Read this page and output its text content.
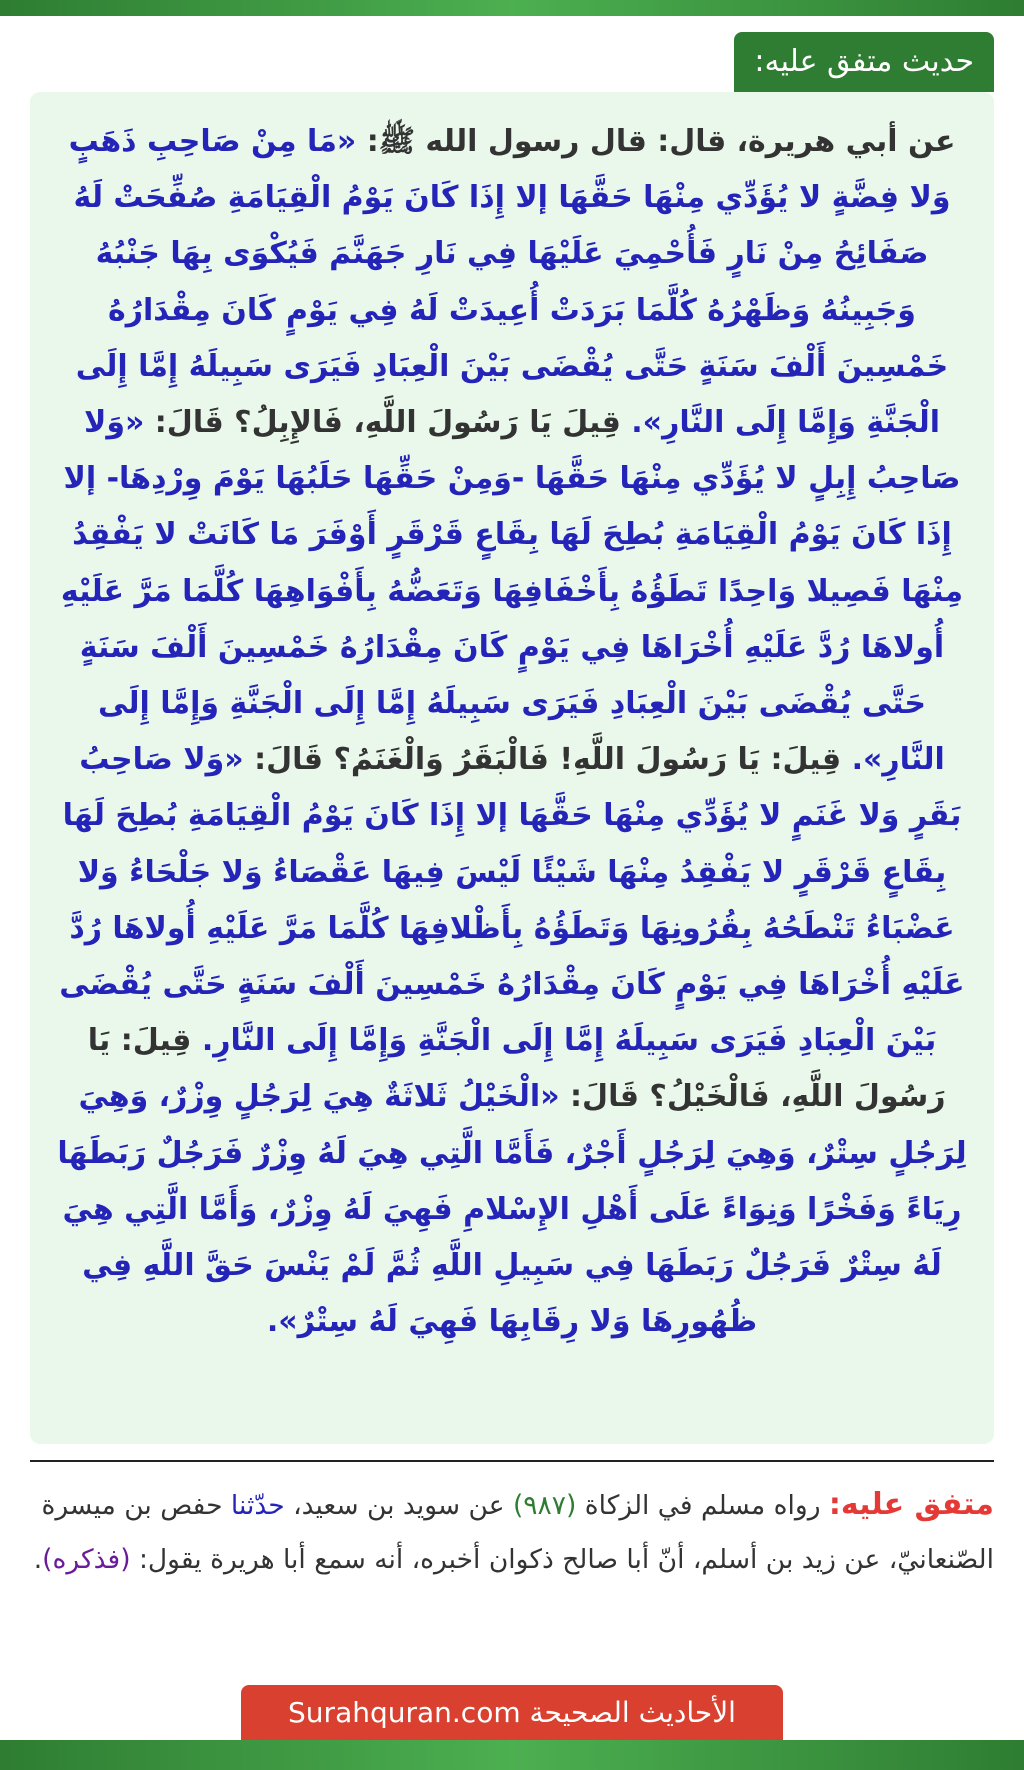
حديث متفق عليه:
عن أبي هريرة، قال: قال رسول الله ﷺ: «مَا مِنْ صَاحِبِ ذَهَبٍ وَلا فِضَّةٍ لا يُؤَدِّي مِنْهَا حَقَّهَا إلا إِذَا كَانَ يَوْمُ الْقِيَامَةِ صُفِّحَتْ لَهُ صَفَائِحُ مِنْ نَارٍ فَأُحْمِيَ عَلَيْهَا فِي نَارِ جَهَنَّمَ فَيُكْوَى بِهَا جَنْبُهُ وَجَبِينُهُ وَظَهْرُهُ كُلَّمَا بَرَدَتْ أُعِيدَتْ لَهُ فِي يَوْمٍ كَانَ مِقْدَارُهُ خَمْسِينَ أَلْفَ سَنَةٍ حَتَّى يُقْضَى بَيْنَ الْعِبَادِ فَيَرَى سَبِيلَهُ إِمَّا إِلَى الْجَنَّةِ وَإِمَّا إِلَى النَّارِ». قِيلَ يَا رَسُولَ اللَّهِ، فَالإِبِلُ؟ قَالَ: «وَلا صَاحِبُ إِبِلٍ لا يُؤَدِّي مِنْهَا حَقَّهَا -وَمِنْ حَقِّهَا حَلَبُهَا يَوْمَ وِرْدِهَا- إلا إِذَا كَانَ يَوْمُ الْقِيَامَةِ بُطِحَ لَهَا بِقَاعٍ قَرْقَرٍ أَوْفَرَ مَا كَانَتْ لا يَفْقِدُ مِنْهَا فَصِيلا وَاحِدًا تَطَؤُهُ بِأَخْفَافِهَا وَتَعَضُّهُ بِأَفْوَاهِهَا كُلَّمَا مَرَّ عَلَيْهِ أُولاهَا رُدَّ عَلَيْهِ أُخْرَاهَا فِي يَوْمٍ كَانَ مِقْدَارُهُ خَمْسِينَ أَلْفَ سَنَةٍ حَتَّى يُقْضَى بَيْنَ الْعِبَادِ فَيَرَى سَبِيلَهُ إِمَّا إِلَى الْجَنَّةِ وَإِمَّا إِلَى النَّارِ». قِيلَ: يَا رَسُولَ اللَّهِ! فَالْبَقَرُ وَالْغَنَمُ؟ قَالَ: «وَلا صَاحِبُ بَقَرٍ وَلا غَنَمٍ لا يُؤَدِّي مِنْهَا حَقَّهَا إلا إِذَا كَانَ يَوْمُ الْقِيَامَةِ بُطِحَ لَهَا بِقَاعٍ قَرْقَرٍ لا يَفْقِدُ مِنْهَا شَيْئًا لَيْسَ فِيهَا عَقْصَاءُ وَلا جَلْحَاءُ وَلا عَضْبَاءُ تَنْطَحُهُ بِقُرُونِهَا وَتَطَؤُهُ بِأَظْلافِهَا كُلَّمَا مَرَّ عَلَيْهِ أُولاهَا رُدَّ عَلَيْهِ أُخْرَاهَا فِي يَوْمٍ كَانَ مِقْدَارُهُ خَمْسِينَ أَلْفَ سَنَةٍ حَتَّى يُقْضَى بَيْنَ الْعِبَادِ فَيَرَى سَبِيلَهُ إِمَّا إِلَى الْجَنَّةِ وَإِمَّا إِلَى النَّارِ. قِيلَ: يَا رَسُولَ اللَّهِ، فَالْخَيْلُ؟ قَالَ: «الْخَيْلُ ثَلاثَةٌ هِيَ لِرَجُلٍ وِزْرٌ، وَهِيَ لِرَجُلٍ سِتْرٌ، وَهِيَ لِرَجُلٍ أَجْرٌ، فَأَمَّا الَّتِي هِيَ لَهُ وِزْرٌ فَرَجُلٌ رَبَطَهَا رِيَاءً وَفَخْرًا وَنِوَاءً عَلَى أَهْلِ الإِسْلامِ فَهِيَ لَهُ وِزْرٌ، وَأَمَّا الَّتِي هِيَ لَهُ سِتْرٌ فَرَجُلٌ رَبَطَهَا فِي سَبِيلِ اللَّهِ ثُمَّ لَمْ يَنْسَ حَقَّ اللَّهِ فِي ظُهُورِهَا وَلا رِقَابِهَا فَهِيَ لَهُ سِتْرٌ».
متفق عليه: رواه مسلم في الزكاة (٩٨٧) عن سويد بن سعيد، حدّثنا حفص بن ميسرة الصّنعانيّ، عن زيد بن أسلم، أنّ أبا صالح ذكوان أخبره، أنه سمع أبا هريرة يقول: (فذكره).
الأحاديث الصحيحة Surahquran.com
